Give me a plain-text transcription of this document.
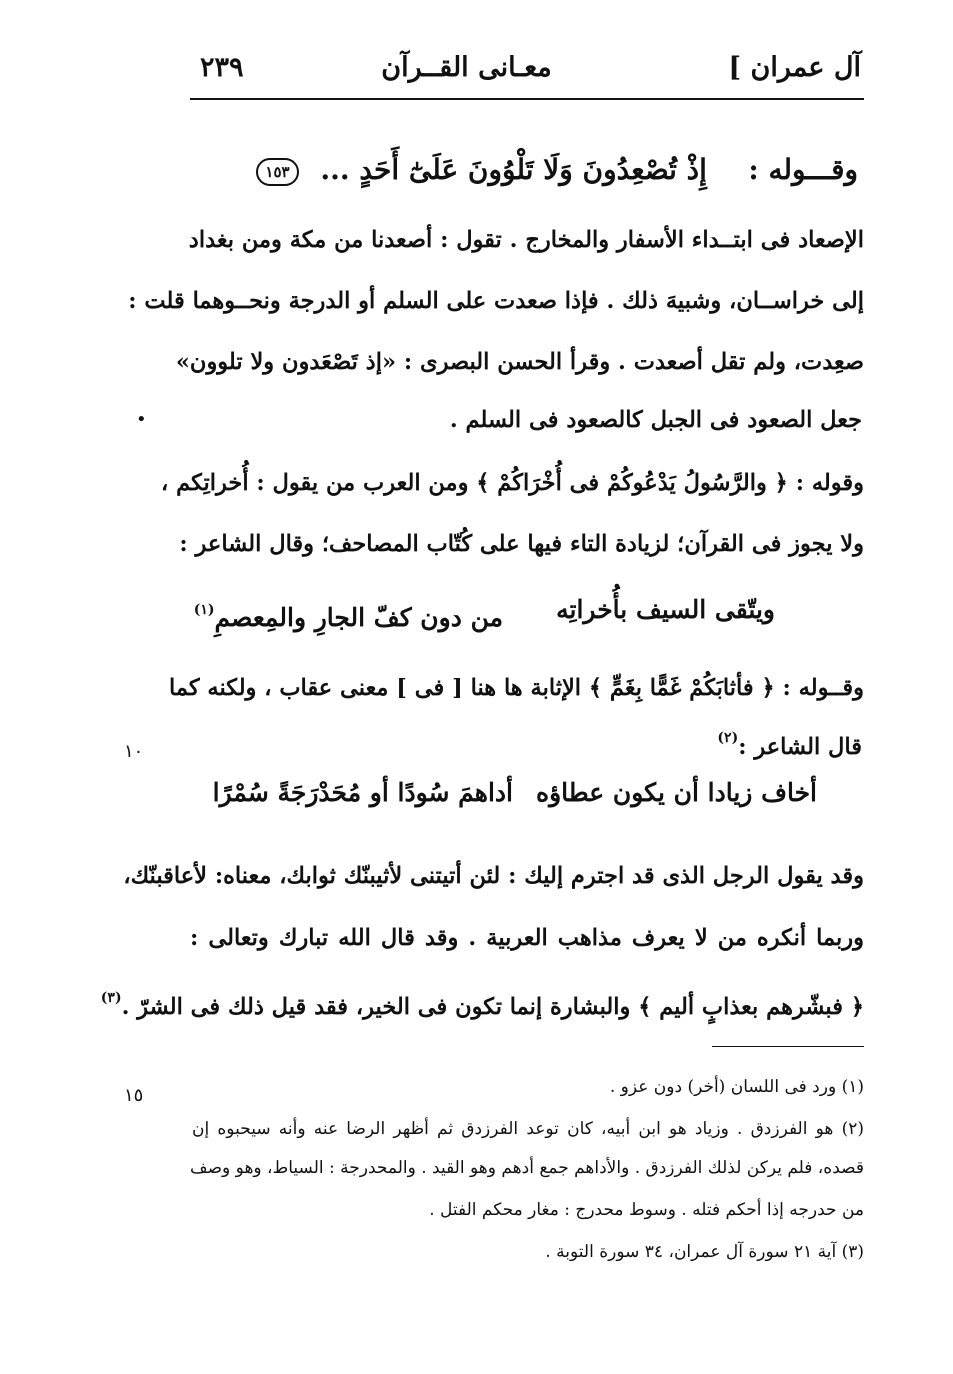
آل عمران ]
معـانى القــرآن
٢٣٩
وقـــوله :  إِذْ تُصْعِدُونَ وَلَا تَلْوُونَ عَلَىٰٓ أَحَدٍ ... ١٥٣
الإصعاد فى ابتــداء الأسفار والمخارج . تقول : أصعدنا من مكة ومن بغداد
إلى خراســان، وشبيهَ ذلك . فإذا صعدت على السلم أو الدرجة ونحــوهما قلت :
صعِدت، ولم تقل أصعدت . وقرأ الحسن البصرى : «إذ تَصْعَدون ولا تلوون»
جعل الصعود فى الجبل كالصعود فى السلم .
وقوله : ﴿ والرَّسُولُ يَدْعُوكُمْ فى أُخْرَاكُمْ ﴾ ومن العرب من يقول : أُخراتِكم ،
ولا يجوز فى القرآن؛ لزيادة التاء فيها على كُتّاب المصاحف؛ وقال الشاعر :
ويتّقى السيف بأُخراتِه
من دون كفّ الجارِ والمِعصمِ$^{(١)}$
وقــوله : ﴿ فأثابَكُمْ غَمًّا بِغَمٍّ ﴾ الإثابة ها هنا [ فى ] معنى عقاب ، ولكنه كما
قال الشاعر :$^{(٢)}$
أخاف زيادا أن يكون عطاؤه
أداهمَ سُودًا أو مُحَدْرَجَةً سُمْرًا
وقد يقول الرجل الذى قد اجترم إليك : لئن أتيتنى لأثيبنّك ثوابك، معناه: لأعاقبنّك،
وربما أنكره من لا يعرف مذاهب العربية . وقد قال الله تبارك وتعالى :
﴿ فبشّرهم بعذابٍ أليم ﴾ والبشارة إنما تكون فى الخير، فقد قيل ذلك فى الشرّ .$^{(٣)}$
(١) ورد فى اللسان (أخر) دون عزو .
(٢) هو الفرزدق . وزياد هو ابن أبيه، كان توعد الفرزدق ثم أظهر الرضا عنه وأنه سيحبوه إن
قصده، فلم يركن لذلك الفرزدق . والأداهم جمع أدهم وهو القيد . والمحدرجة : السياط، وهو وصف
من حدرجه إذا أحكم فتله . وسوط محدرج : مغار محكم الفتل .
(٣) آية ٢١ سورة آل عمران، ٣٤ سورة التوبة .
•
١٠
١٥
